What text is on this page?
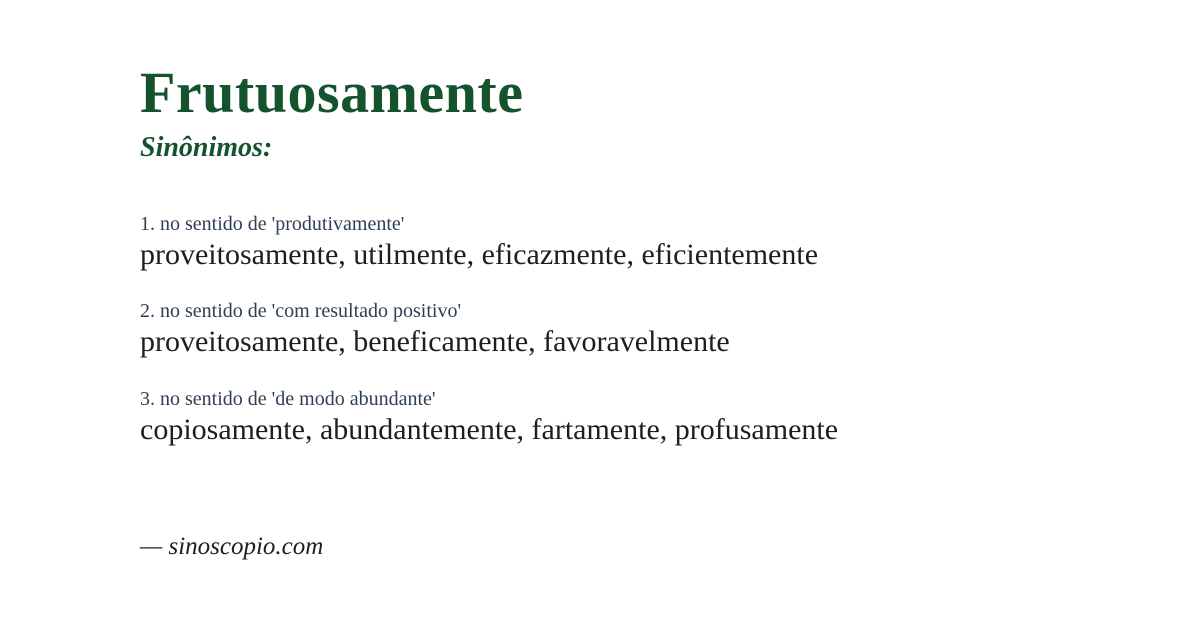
Frutuosamente
Sinônimos:
1. no sentido de 'produtivamente'
proveitosamente, utilmente, eficazmente, eficientemente
2. no sentido de 'com resultado positivo'
proveitosamente, beneficamente, favoravelmente
3. no sentido de 'de modo abundante'
copiosamente, abundantemente, fartamente, profusamente
— sinoscopio.com
